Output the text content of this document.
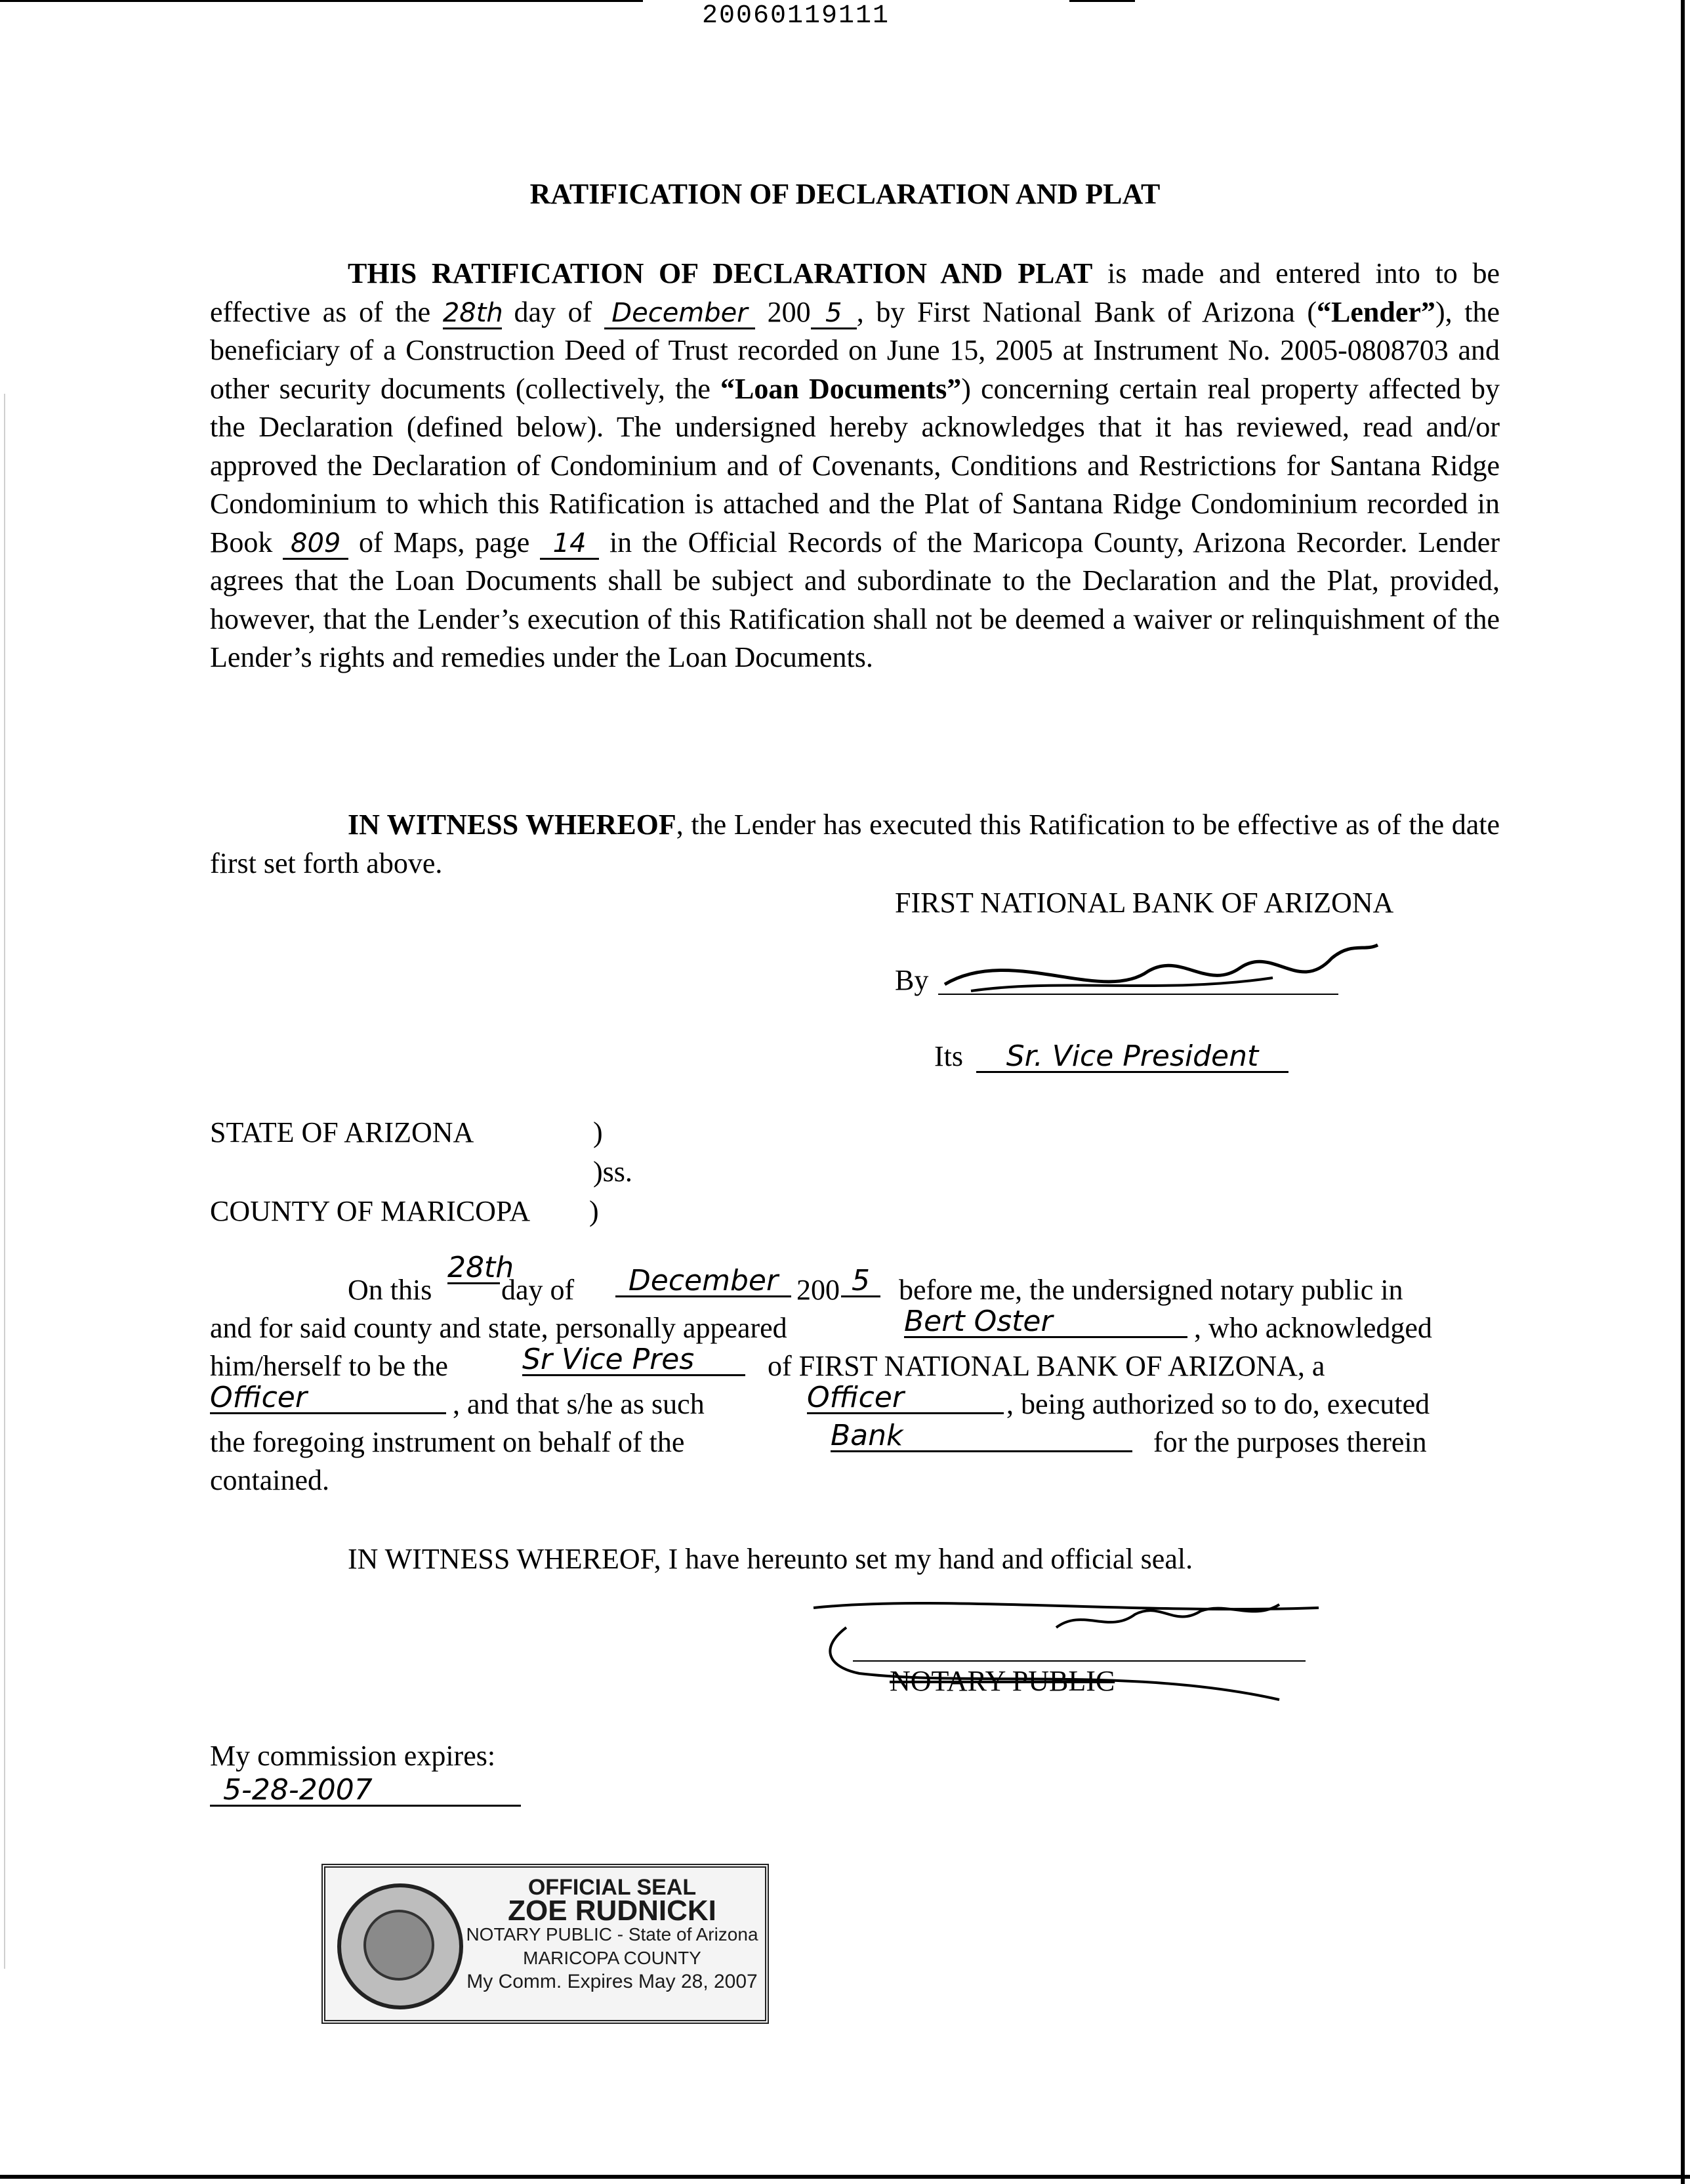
20060119111
RATIFICATION OF DECLARATION AND PLAT

THIS RATIFICATION OF DECLARATION AND PLAT is made and entered into to be effective as of the 28th day of December 200 5 , by First National Bank of Arizona (“Lender”), the beneficiary of a Construction Deed of Trust recorded on June 15, 2005 at Instrument No. 2005-0808703 and other security documents (collectively, the “Loan Documents”) concerning certain real property affected by the Declaration (defined below). The undersigned hereby acknowledges that it has reviewed, read and/or approved the Declaration of Condominium and of Covenants, Conditions and Restrictions for Santana Ridge Condominium to which this Ratification is attached and the Plat of Santana Ridge Condominium recorded in Book 809 of Maps, page 14 in the Official Records of the Maricopa County, Arizona Recorder. Lender agrees that the Loan Documents shall be subject and subordinate to the Declaration and the Plat, provided, however, that the Lender’s execution of this Ratification shall not be deemed a waiver or relinquishment of the Lender’s rights and remedies under the Loan Documents.

IN WITNESS WHEREOF, the Lender has executed this Ratification to be effective as of the date first set forth above.

FIRST NATIONAL BANK OF ARIZONA
By
Its	Sr. Vice President
STATE OF ARIZONA	)
)ss.
COUNTY OF MARICOPA )
On this
28th
day of	December 200 5	before me, the undersigned notary public in
and for said county and state, personally appeared	Bert Oster	, who acknowledged
him/herself to be the	Sr Vice Pres	of FIRST NATIONAL BANK OF ARIZONA, a
Officer	, and that s/he as such	Officer	, being authorized so to do, executed
the foregoing instrument on behalf of the	Bank	for the purposes therein
contained.
IN WITNESS WHEREOF, I have hereunto set my hand and official seal.
NOTARY PUBLIC
My commission expires:
5-28-2007
OFFICIAL SEAL
ZOE RUDNICKI
NOTARY PUBLIC - State of Arizona
MARICOPA COUNTY
My Comm. Expires May 28, 2007
